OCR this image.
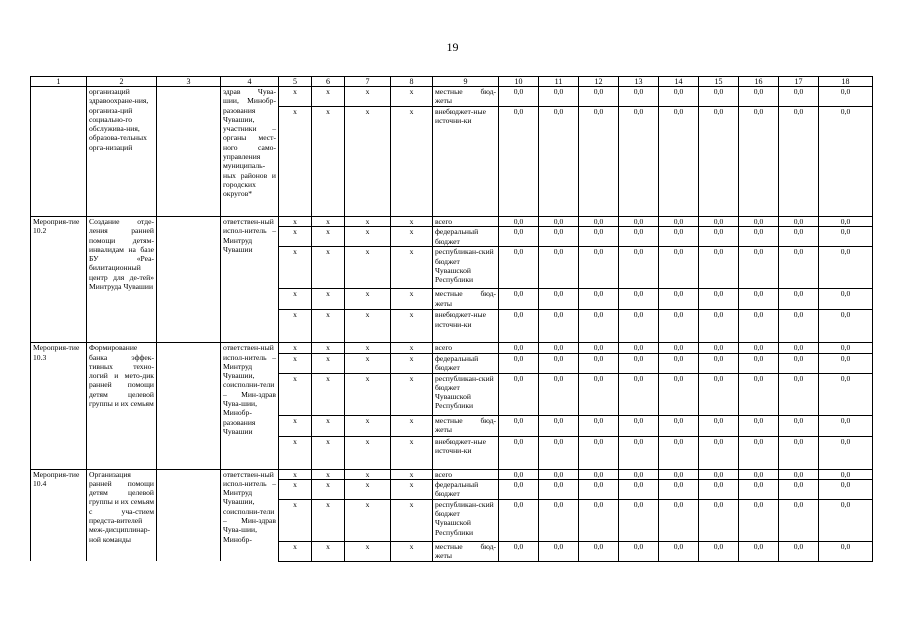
19
1	2	3	4	5	6	7	8	9	10	11	12	13	14	15	16	17	18
	организаций здравоохране-ния, организа-ций социально-го обслужива-ния, образова-тельных орга-низаций		здрав Чува-шии, Минобр-разования Чувашии, участники – органы мест-ного само-управления муниципаль-ных районов и городских округов*	x	x	x	x	местные бюд-жеты	0,0	0,0	0,0	0,0	0,0	0,0	0,0	0,0	0,0
				x	x	x	x	внебюджет-ные источни-ки	0,0	0,0	0,0	0,0	0,0	0,0	0,0	0,0	0,0
Мероприя-тие 10.2	Создание отде-ления ранней помощи детям-инвалидам на базе БУ «Реа-билитационный центр для де-тей» Минтруда Чувашии		ответствен-ный испол-нитель – Минтруд Чувашии	x	x	x	x	всего	0,0	0,0	0,0	0,0	0,0	0,0	0,0	0,0	0,0
				x	x	x	x	федеральный бюджет	0,0	0,0	0,0	0,0	0,0	0,0	0,0	0,0	0,0
				x	x	x	x	республикан-ский бюджет Чувашской Республики	0,0	0,0	0,0	0,0	0,0	0,0	0,0	0,0	0,0
				x	x	x	x	местные бюд-жеты	0,0	0,0	0,0	0,0	0,0	0,0	0,0	0,0	0,0
				x	x	x	x	внебюджет-ные источни-ки	0,0	0,0	0,0	0,0	0,0	0,0	0,0	0,0	0,0
Мероприя-тие 10.3	Формирование банка эффек-тивных техно-логий и мето-дик ранней помощи детям целевой группы и их семьям		ответствен-ный испол-нитель – Минтруд Чувашии, соисполни-тели – Мин-здрав Чува-шии, Минобр-разования Чувашии	x	x	x	x	всего	0,0	0,0	0,0	0,0	0,0	0,0	0,0	0,0	0,0
				x	x	x	x	федеральный бюджет	0,0	0,0	0,0	0,0	0,0	0,0	0,0	0,0	0,0
				x	x	x	x	республикан-ский бюджет Чувашской Республики	0,0	0,0	0,0	0,0	0,0	0,0	0,0	0,0	0,0
				x	x	x	x	местные бюд-жеты	0,0	0,0	0,0	0,0	0,0	0,0	0,0	0,0	0,0
				x	x	x	x	внебюджет-ные источни-ки	0,0	0,0	0,0	0,0	0,0	0,0	0,0	0,0	0,0
Мероприя-тие 10.4	Организация ранней помощи детям целевой группы и их семьям с уча-стием предста-вителей меж-дисциплинар-ной команды		ответствен-ный испол-нитель – Минтруд Чувашии, соисполни-тели – Мин-здрав Чува-шии, Минобр-	x	x	x	x	всего	0,0	0,0	0,0	0,0	0,0	0,0	0,0	0,0	0,0
				x	x	x	x	федеральный бюджет	0,0	0,0	0,0	0,0	0,0	0,0	0,0	0,0	0,0
				x	x	x	x	республикан-ский бюджет Чувашской Республики	0,0	0,0	0,0	0,0	0,0	0,0	0,0	0,0	0,0
				x	x	x	x	местные бюд-жеты	0,0	0,0	0,0	0,0	0,0	0,0	0,0	0,0	0,0
